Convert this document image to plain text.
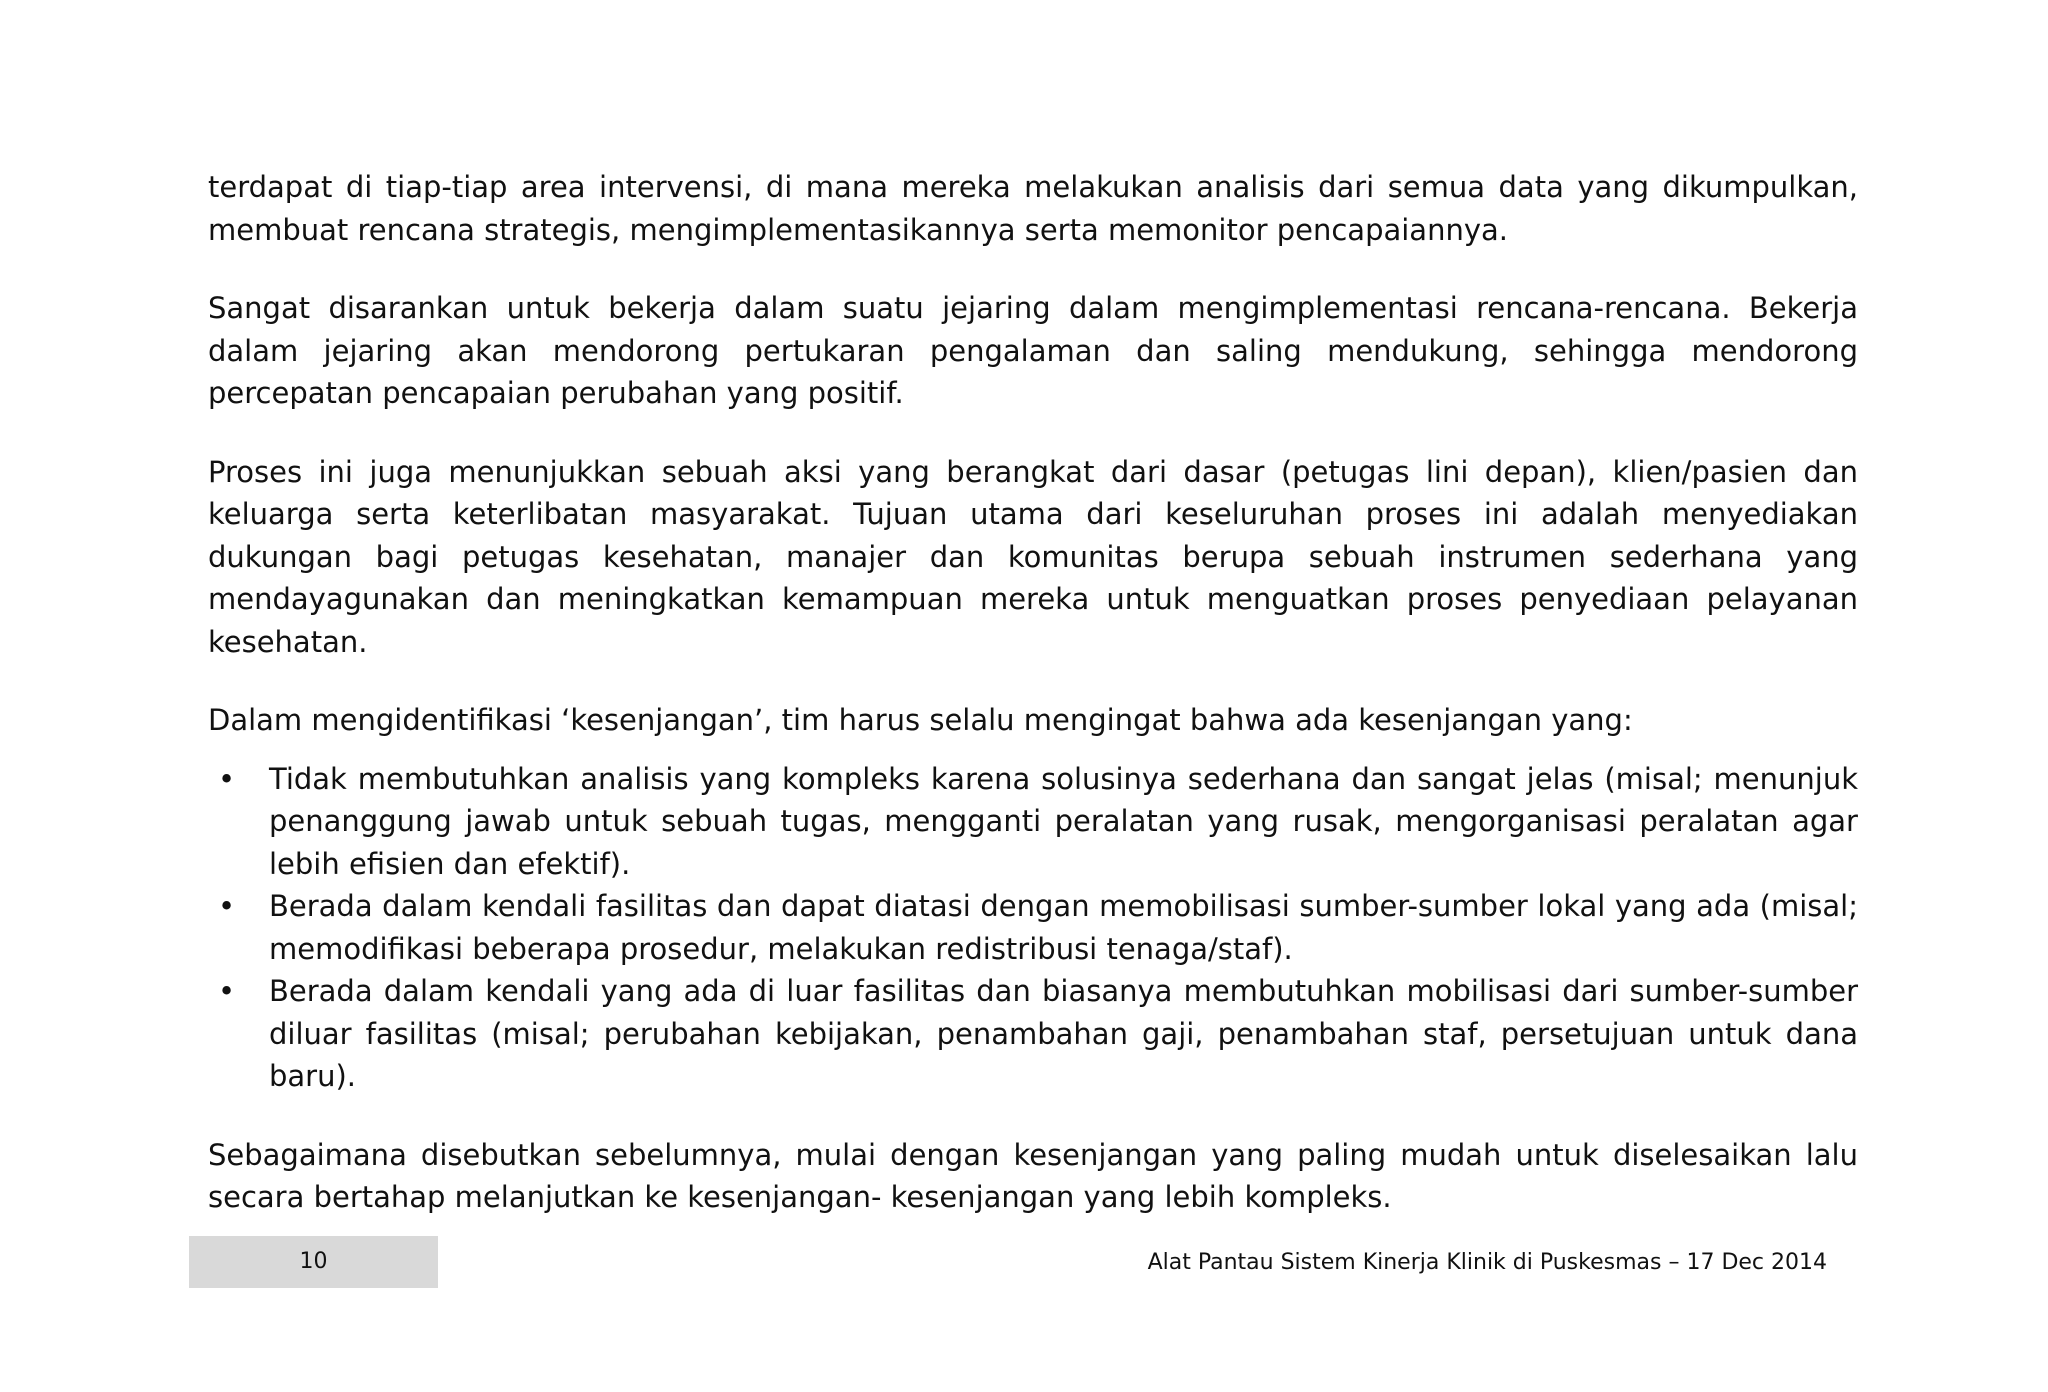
terdapat di tiap-tiap area intervensi, di mana mereka melakukan analisis dari semua data yang dikumpulkan, membuat rencana strategis, mengimplementasikannya serta memonitor pencapaiannya.

Sangat disarankan untuk bekerja dalam suatu jejaring dalam mengimplementasi rencana-rencana. Bekerja dalam jejaring akan mendorong pertukaran pengalaman dan saling mendukung, sehingga mendorong percepatan pencapaian perubahan yang positif.

Proses ini juga menunjukkan sebuah aksi yang berangkat dari dasar (petugas lini depan), klien/pasien dan keluarga serta keterlibatan masyarakat. Tujuan utama dari keseluruhan proses ini adalah menyediakan dukungan bagi petugas kesehatan, manajer dan komunitas berupa sebuah instrumen sederhana yang mendayagunakan dan meningkatkan kemampuan mereka untuk menguatkan proses penyediaan pelayanan kesehatan.

Dalam mengidentifikasi ‘kesenjangan’, tim harus selalu mengingat bahwa ada kesenjangan yang:

• Tidak membutuhkan analisis yang kompleks karena solusinya sederhana dan sangat jelas (misal; menunjuk penanggung jawab untuk sebuah tugas, mengganti peralatan yang rusak, mengorganisasi peralatan agar lebih efisien dan efektif).
• Berada dalam kendali fasilitas dan dapat diatasi dengan memobilisasi sumber-sumber lokal yang ada (misal; memodifikasi beberapa prosedur, melakukan redistribusi tenaga/staf).
• Berada dalam kendali yang ada di luar fasilitas dan biasanya membutuhkan mobilisasi dari sumber-sumber diluar fasilitas (misal; perubahan kebijakan, penambahan gaji, penambahan staf, persetujuan untuk dana baru).

Sebagaimana disebutkan sebelumnya, mulai dengan kesenjangan yang paling mudah untuk diselesaikan lalu secara bertahap melanjutkan ke kesenjangan- kesenjangan yang lebih kompleks.

10	Alat Pantau Sistem Kinerja Klinik di Puskesmas – 17 Dec 2014
